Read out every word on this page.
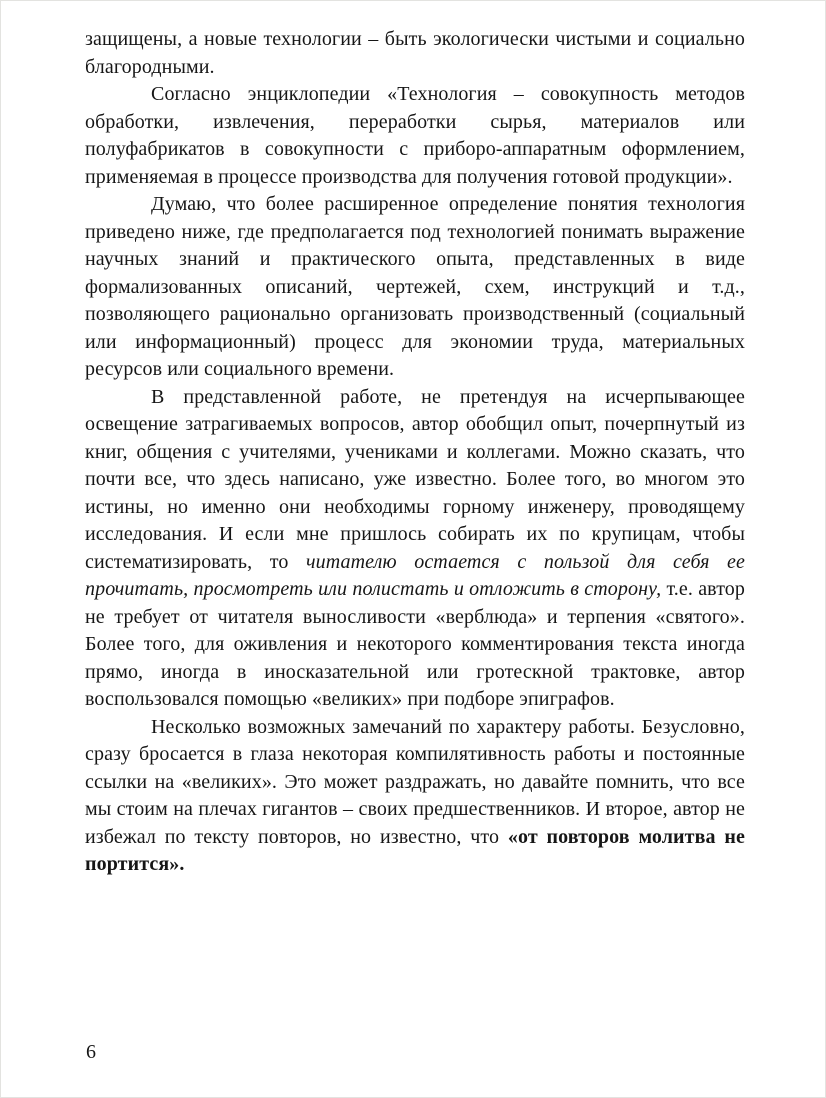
защищены, а новые технологии – быть экологически чистыми и социально благородными.

Согласно энциклопедии «Технология – совокупность методов обработки, извлечения, переработки сырья, материалов или полуфабрикатов в совокупности с приборо-аппаратным оформлением, применяемая в процессе производства для получения готовой продукции».

Думаю, что более расширенное определение понятия технология приведено ниже, где предполагается под технологией понимать выражение научных знаний и практического опыта, представленных в виде формализованных описаний, чертежей, схем, инструкций и т.д., позволяющего рационально организовать производственный (социальный или информационный) процесс для экономии труда, материальных ресурсов или социального времени.

В представленной работе, не претендуя на исчерпывающее освещение затрагиваемых вопросов, автор обобщил опыт, почерпнутый из книг, общения с учителями, учениками и коллегами. Можно сказать, что почти все, что здесь написано, уже известно. Более того, во многом это истины, но именно они необходимы горному инженеру, проводящему исследования. И если мне пришлось собирать их по крупицам, чтобы систематизировать, то читателю остается с пользой для себя ее прочитать, просмотреть или полистать и отложить в сторону, т.е. автор не требует от читателя выносливости «верблюда» и терпения «святого». Более того, для оживления и некоторого комментирования текста иногда прямо, иногда в иносказательной или гротескной трактовке, автор воспользовался помощью «великих» при подборе эпиграфов.

Несколько возможных замечаний по характеру работы. Безусловно, сразу бросается в глаза некоторая компилятивность работы и постоянные ссылки на «великих». Это может раздражать, но давайте помнить, что все мы стоим на плечах гигантов – своих предшественников. И второе, автор не избежал по тексту повторов, но известно, что «от повторов молитва не портится».

6
